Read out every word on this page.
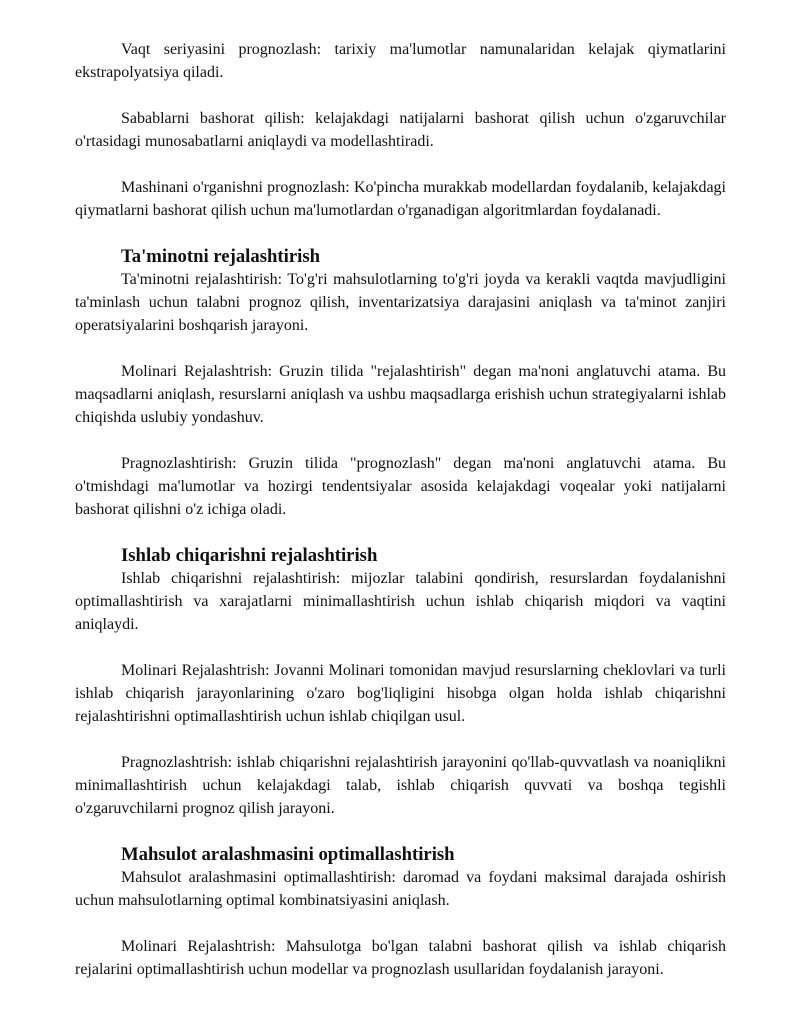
Vaqt seriyasini prognozlash: tarixiy ma'lumotlar namunalaridan kelajak qiymatlarini ekstrapolyatsiya qiladi.

Sabablarni bashorat qilish: kelajakdagi natijalarni bashorat qilish uchun o'zgaruvchilar o'rtasidagi munosabatlarni aniqlaydi va modellashtiradi.

Mashinani o'rganishni prognozlash: Ko'pincha murakkab modellardan foydalanib, kelajakdagi qiymatlarni bashorat qilish uchun ma'lumotlardan o'rganadigan algoritmlardan foydalanadi.

Ta'minotni rejalashtirish

Ta'minotni rejalashtirish: To'g'ri mahsulotlarning to'g'ri joyda va kerakli vaqtda mavjudligini ta'minlash uchun talabni prognoz qilish, inventarizatsiya darajasini aniqlash va ta'minot zanjiri operatsiyalarini boshqarish jarayoni.

Molinari Rejalashtrish: Gruzin tilida "rejalashtirish" degan ma'noni anglatuvchi atama. Bu maqsadlarni aniqlash, resurslarni aniqlash va ushbu maqsadlarga erishish uchun strategiyalarni ishlab chiqishda uslubiy yondashuv.

Pragnozlashtirish: Gruzin tilida "prognozlash" degan ma'noni anglatuvchi atama. Bu o'tmishdagi ma'lumotlar va hozirgi tendentsiyalar asosida kelajakdagi voqealar yoki natijalarni bashorat qilishni o'z ichiga oladi.

Ishlab chiqarishni rejalashtirish

Ishlab chiqarishni rejalashtirish: mijozlar talabini qondirish, resurslardan foydalanishni optimallashtirish va xarajatlarni minimallashtirish uchun ishlab chiqarish miqdori va vaqtini aniqlaydi.

Molinari Rejalashtrish: Jovanni Molinari tomonidan mavjud resurslarning cheklovlari va turli ishlab chiqarish jarayonlarining o'zaro bog'liqligini hisobga olgan holda ishlab chiqarishni rejalashtirishni optimallashtirish uchun ishlab chiqilgan usul.

Pragnozlashtrish: ishlab chiqarishni rejalashtirish jarayonini qo'llab-quvvatlash va noaniqlikni minimallashtirish uchun kelajakdagi talab, ishlab chiqarish quvvati va boshqa tegishli o'zgaruvchilarni prognoz qilish jarayoni.

Mahsulot aralashmasini optimallashtirish

Mahsulot aralashmasini optimallashtirish: daromad va foydani maksimal darajada oshirish uchun mahsulotlarning optimal kombinatsiyasini aniqlash.

Molinari Rejalashtrish: Mahsulotga bo'lgan talabni bashorat qilish va ishlab chiqarish rejalarini optimallashtirish uchun modellar va prognozlash usullaridan foydalanish jarayoni.
